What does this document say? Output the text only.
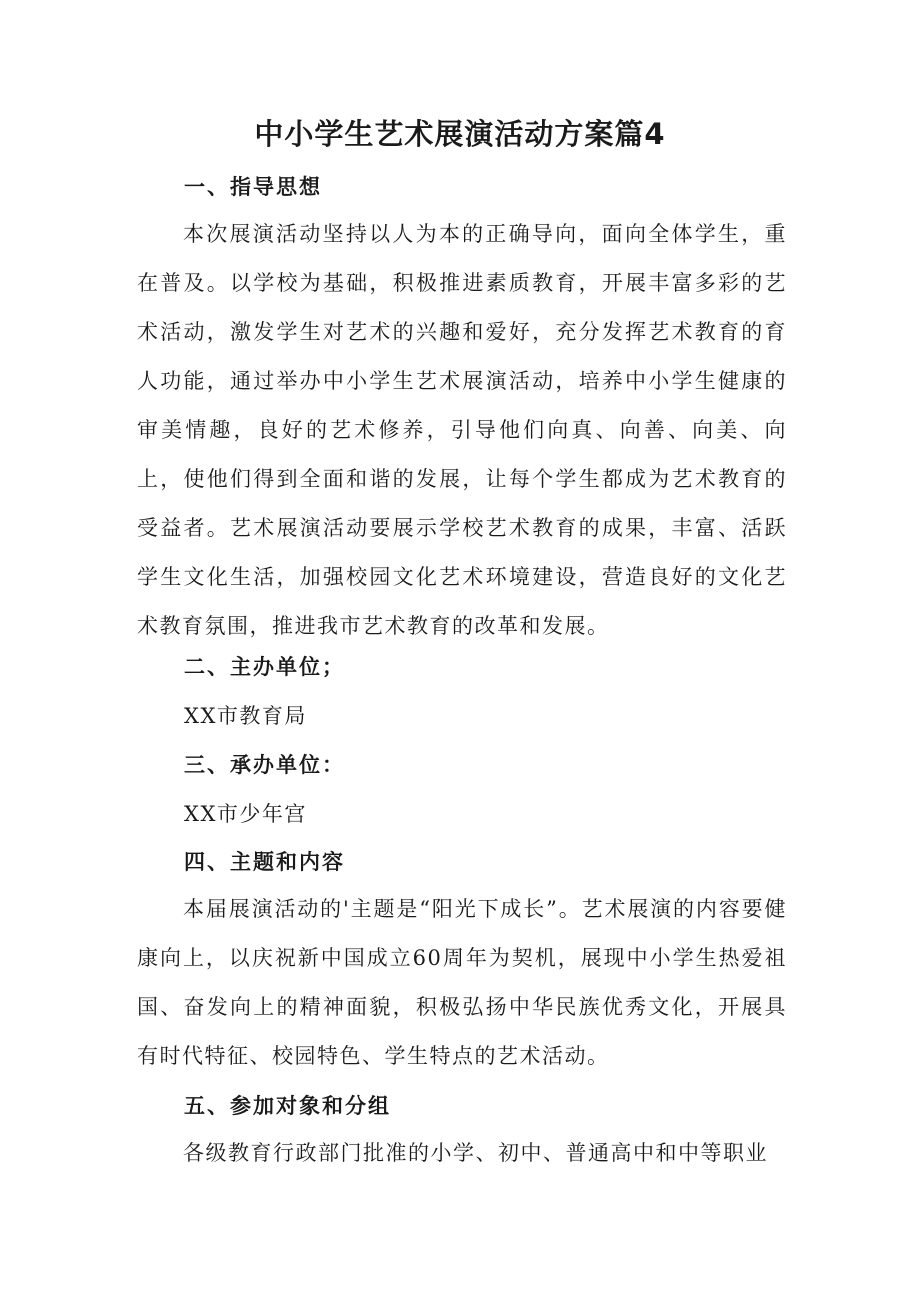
中小学生艺术展演活动方案篇4
一、指导思想

本次展演活动坚持以人为本的正确导向，面向全体学生，重在普及。以学校为基础，积极推进素质教育，开展丰富多彩的艺术活动，激发学生对艺术的兴趣和爱好，充分发挥艺术教育的育人功能，通过举办中小学生艺术展演活动，培养中小学生健康的审美情趣，良好的艺术修养，引导他们向真、向善、向美、向上，使他们得到全面和谐的发展，让每个学生都成为艺术教育的受益者。艺术展演活动要展示学校艺术教育的成果，丰富、活跃学生文化生活，加强校园文化艺术环境建设，营造良好的文化艺术教育氛围，推进我市艺术教育的改革和发展。

二、主办单位；

XX市教育局

三、承办单位：

XX市少年宫

四、主题和内容

本届展演活动的'主题是“阳光下成长”。艺术展演的内容要健康向上，以庆祝新中国成立60周年为契机，展现中小学生热爱祖国、奋发向上的精神面貌，积极弘扬中华民族优秀文化，开展具有时代特征、校园特色、学生特点的艺术活动。

五、参加对象和分组

各级教育行政部门批准的小学、初中、普通高中和中等职业
